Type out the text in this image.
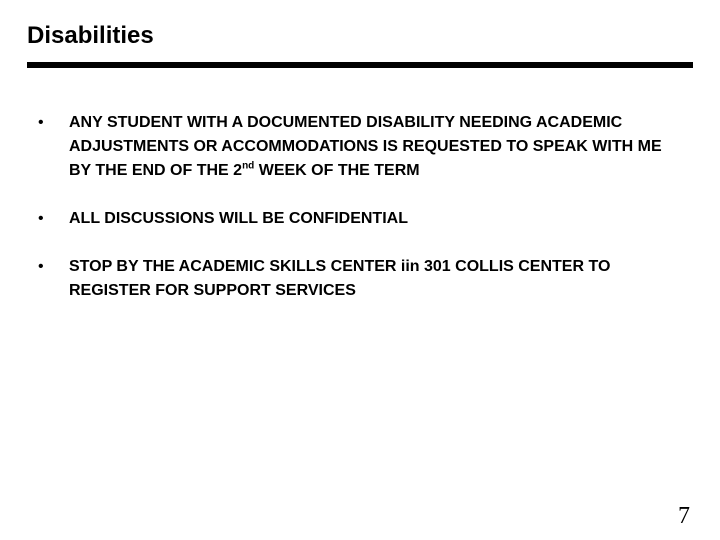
Disabilities
• ANY STUDENT WITH A DOCUMENTED DISABILITY NEEDING ACADEMIC ADJUSTMENTS OR ACCOMMODATIONS IS REQUESTED TO SPEAK WITH ME BY THE END OF THE 2nd WEEK OF THE TERM
• ALL DISCUSSIONS WILL BE CONFIDENTIAL
• STOP BY THE ACADEMIC SKILLS CENTER iin 301 COLLIS CENTER TO REGISTER FOR SUPPORT SERVICES
7
